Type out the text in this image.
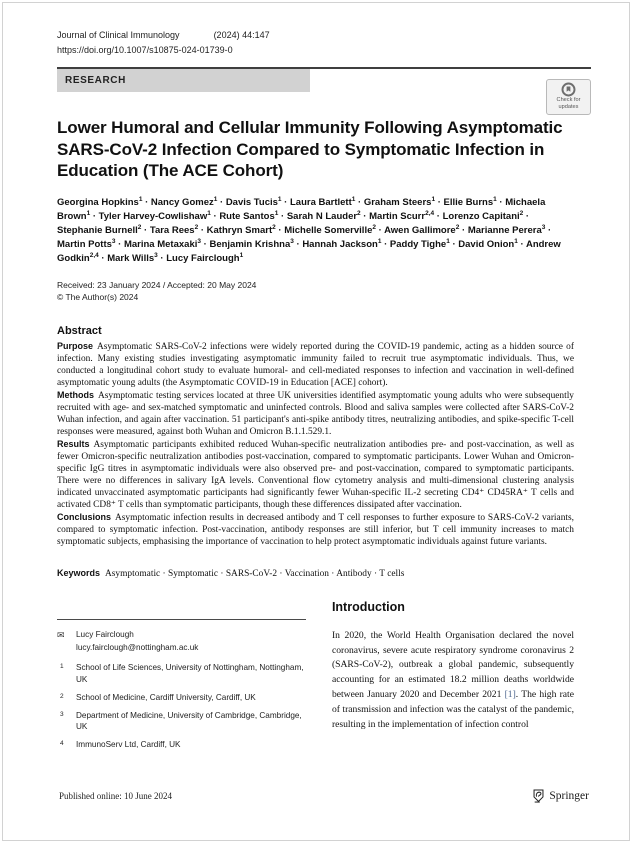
Journal of Clinical Immunology	(2024) 44:147
https://doi.org/10.1007/s10875-024-01739-0
RESEARCH
Check for
updates
Lower Humoral and Cellular Immunity Following Asymptomatic SARS-CoV-2 Infection Compared to Symptomatic Infection in Education (The ACE Cohort)
Georgina Hopkins$^1$ · Nancy Gomez$^1$ · Davis Tucis$^1$ · Laura Bartlett$^1$ · Graham Steers$^1$ · Ellie Burns$^1$ · Michaela Brown$^1$ · Tyler Harvey-Cowlishaw$^1$ · Rute Santos$^1$ · Sarah N Lauder$^2$ · Martin Scurr$^{2,4}$ · Lorenzo Capitani$^2$ · Stephanie Burnell$^2$ · Tara Rees$^2$ · Kathryn Smart$^2$ · Michelle Somerville$^2$ · Awen Gallimore$^2$ · Marianne Perera$^3$ · Martin Potts$^3$ · Marina Metaxaki$^3$ · Benjamin Krishna$^3$ · Hannah Jackson$^1$ · Paddy Tighe$^1$ · David Onion$^1$ · Andrew Godkin$^{2,4}$ · Mark Wills$^3$ · Lucy Fairclough$^1$
Received: 23 January 2024 / Accepted: 20 May 2024
© The Author(s) 2024
Abstract

Purpose Asymptomatic SARS-CoV-2 infections were widely reported during the COVID-19 pandemic, acting as a hidden source of infection. Many existing studies investigating asymptomatic immunity failed to recruit true asymptomatic individuals. Thus, we conducted a longitudinal cohort study to evaluate humoral- and cell-mediated responses to infection and vaccination in well-defined asymptomatic young adults (the Asymptomatic COVID-19 in Education [ACE] cohort).

Methods Asymptomatic testing services located at three UK universities identified asymptomatic young adults who were subsequently recruited with age- and sex-matched symptomatic and uninfected controls. Blood and saliva samples were collected after SARS-CoV-2 Wuhan infection, and again after vaccination. 51 participant's anti-spike antibody titres, neutralizing antibodies, and spike-specific T-cell responses were measured, against both Wuhan and Omicron B.1.1.529.1.

Results Asymptomatic participants exhibited reduced Wuhan-specific neutralization antibodies pre- and post-vaccination, as well as fewer Omicron-specific neutralization antibodies post-vaccination, compared to symptomatic participants. Lower Wuhan and Omicron-specific IgG titres in asymptomatic individuals were also observed pre- and post-vaccination, compared to symptomatic participants. There were no differences in salivary IgA levels. Conventional flow cytometry analysis and multi-dimensional clustering analysis indicated unvaccinated asymptomatic participants had significantly fewer Wuhan-specific IL-2 secreting CD4⁺ CD45RA⁺ T cells and activated CD8⁺ T cells than symptomatic participants, though these differences dissipated after vaccination.

Conclusions Asymptomatic infection results in decreased antibody and T cell responses to further exposure to SARS-CoV-2 variants, compared to symptomatic infection. Post-vaccination, antibody responses are still inferior, but T cell immunity increases to match symptomatic subjects, emphasising the importance of vaccination to help protect asymptomatic individuals against future variants.

Keywords Asymptomatic · Symptomatic · SARS-CoV-2 · Vaccination · Antibody · T cells
✉ Lucy Fairclough
lucy.fairclough@nottingham.ac.uk
1 School of Life Sciences, University of Nottingham, Nottingham, UK
2 School of Medicine, Cardiff University, Cardiff, UK
3 Department of Medicine, University of Cambridge, Cambridge, UK
4 ImmunoServ Ltd, Cardiff, UK
Introduction

In 2020, the World Health Organisation declared the novel coronavirus, severe acute respiratory syndrome coronavirus 2 (SARS-CoV-2), outbreak a global pandemic, subsequently accounting for an estimated 18.2 million deaths worldwide between January 2020 and December 2021 [1]. The high rate of transmission and infection was the catalyst of the pandemic, resulting in the implementation of infection control

Published online: 10 June 2024	Springer
